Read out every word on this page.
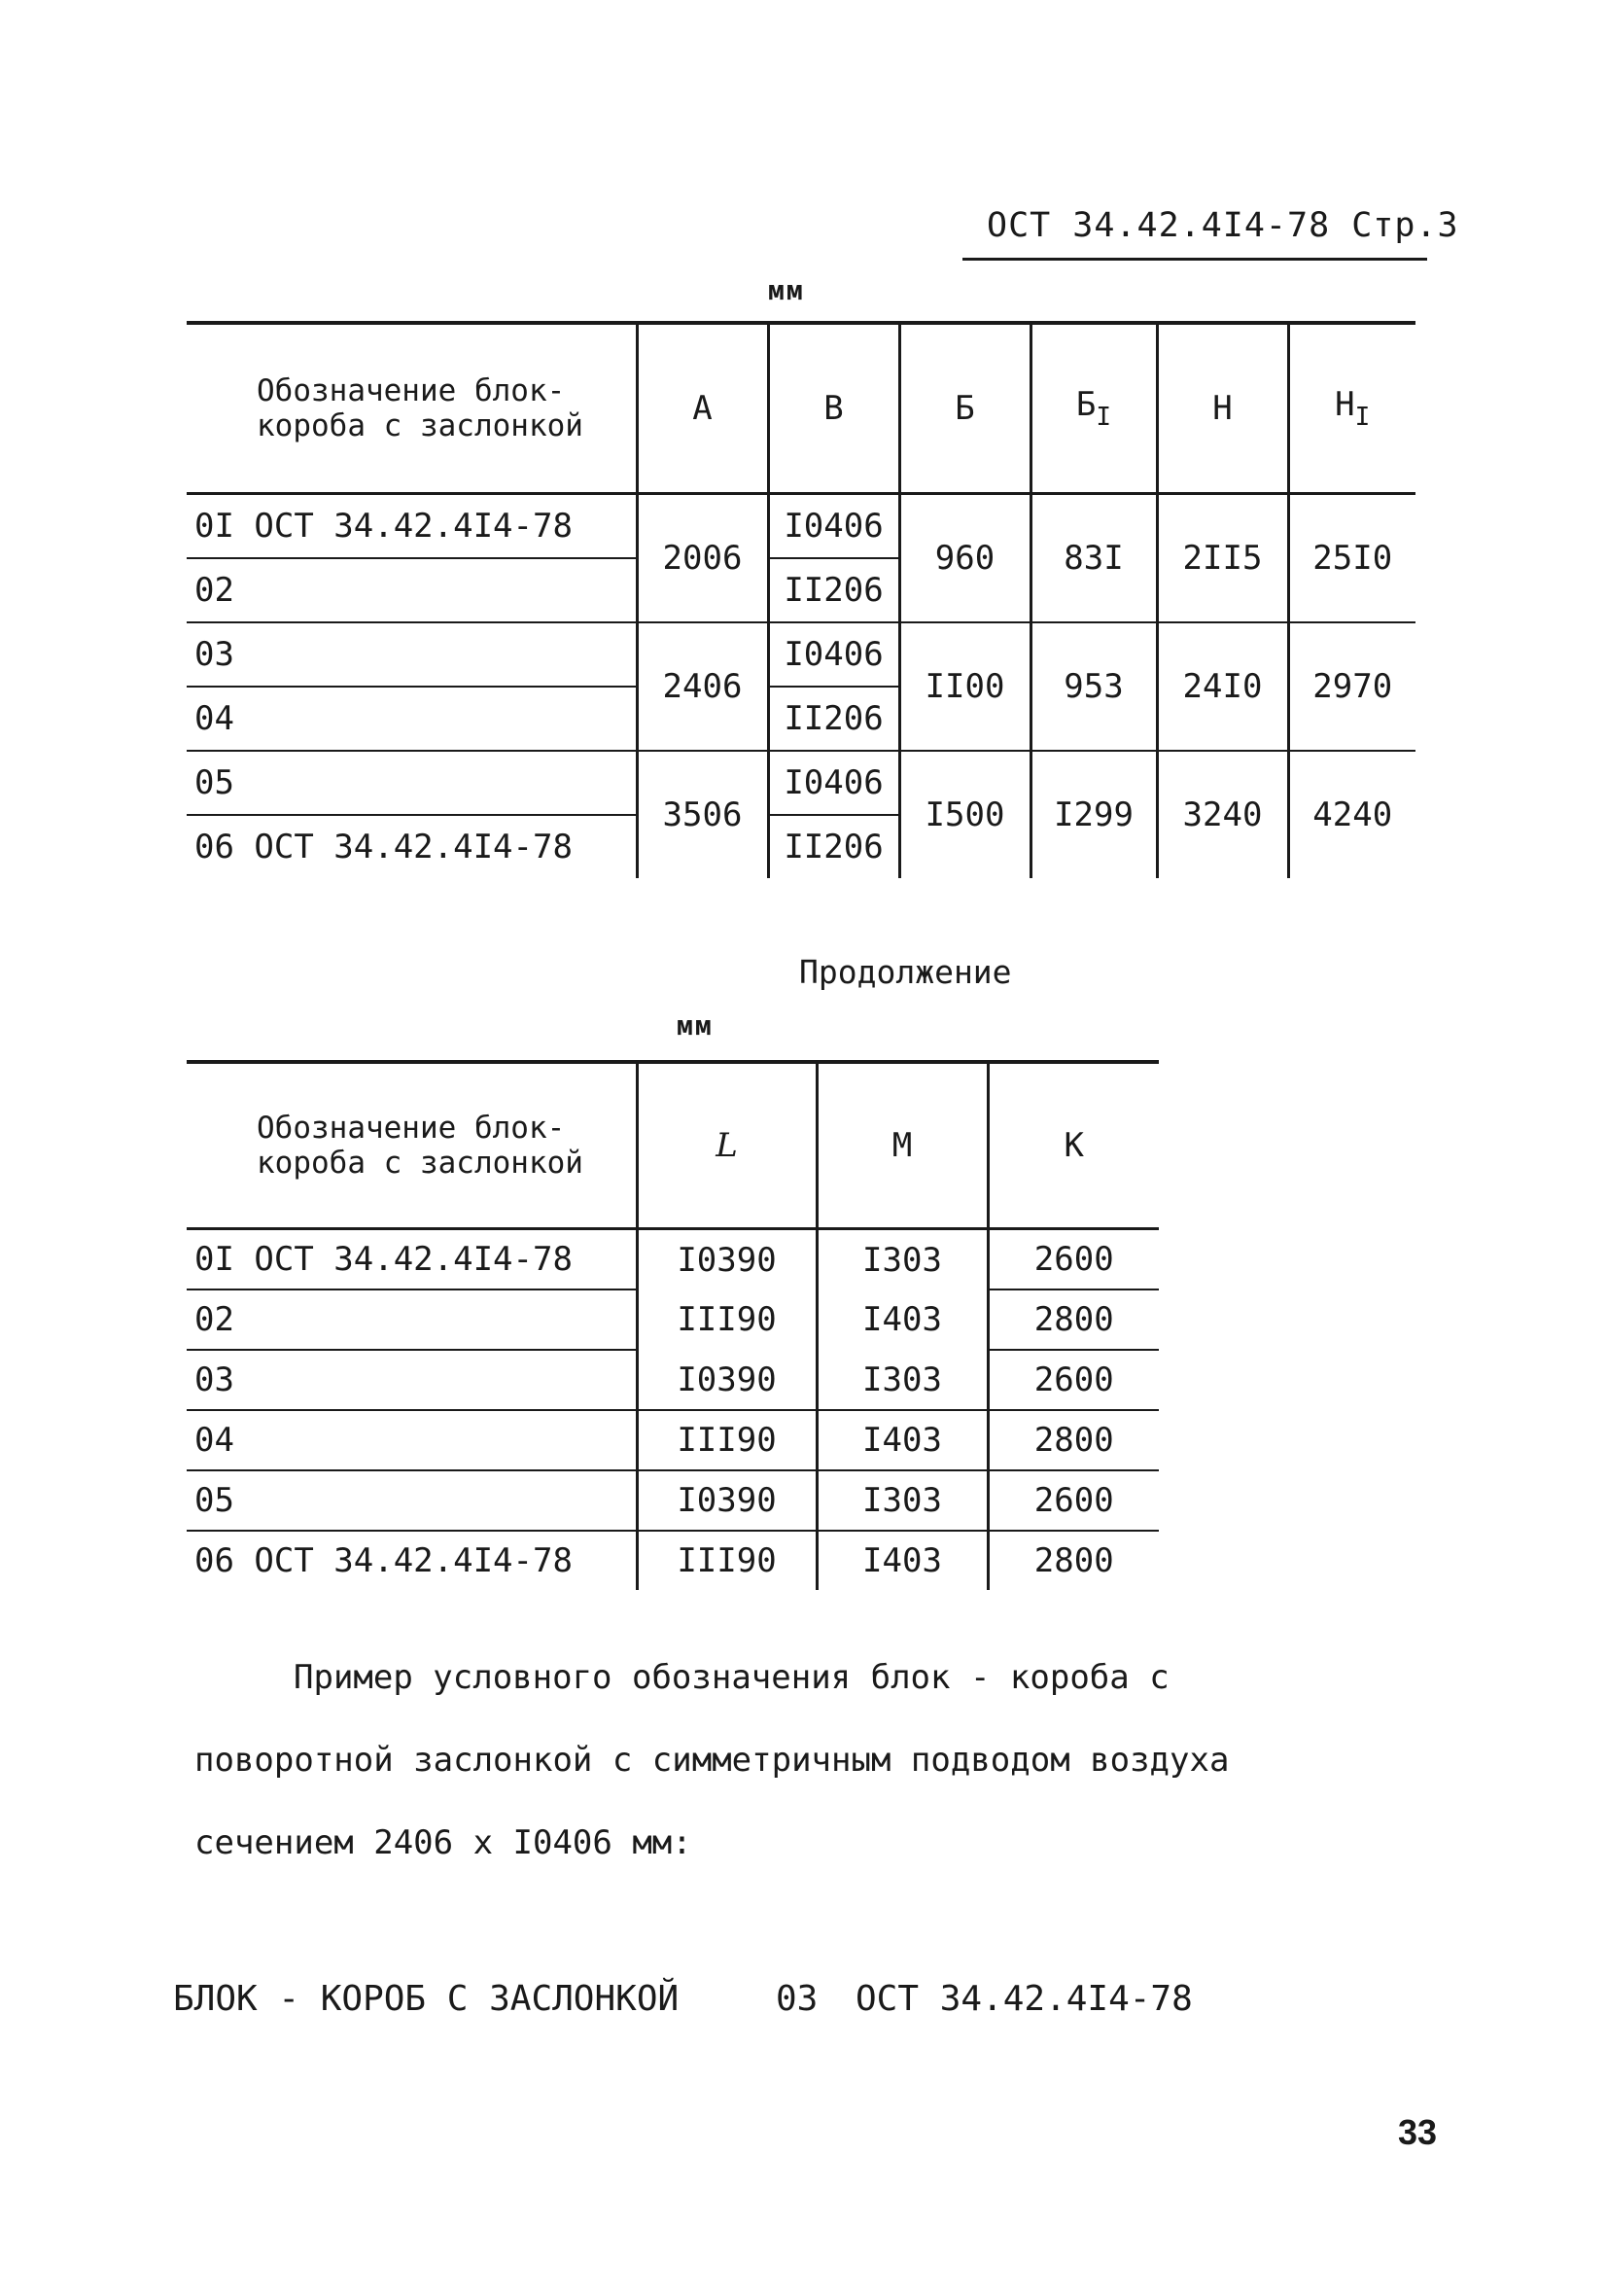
ОСТ 34.42.4I4-78 Стр.3
мм
Обозначение блок-короба с заслонкой	А	В	Б	$Б_I$	Н	$Н_I$
0I ОСТ 34.42.4I4-78	2006	I0406	960	83I	2II5	25I0
02		II206				
03	2406	I0406	II00	953	24I0	2970
04		II206				
05	3506	I0406	I500	I299	3240	4240
06 ОСТ 34.42.4I4-78		II206				
Продолжение
мм
Обозначение блок-короба с заслонкой	L	М	К
0I ОСТ 34.42.4I4-78	I0390	I303	2600
02	III90	I403	2800
03	I0390	I303	2600
04	III90	I403	2800
05	I0390	I303	2600
06 ОСТ 34.42.4I4-78	III90	I403	2800
Пример условного обозначения блок - короба с
поворотной заслонкой с симметричным подводом воздуха
сечением 2406 х I0406 мм:
БЛОК - КОРОБ С ЗАСЛОНКОЙ	03 ОСТ 34.42.4I4-78
33
